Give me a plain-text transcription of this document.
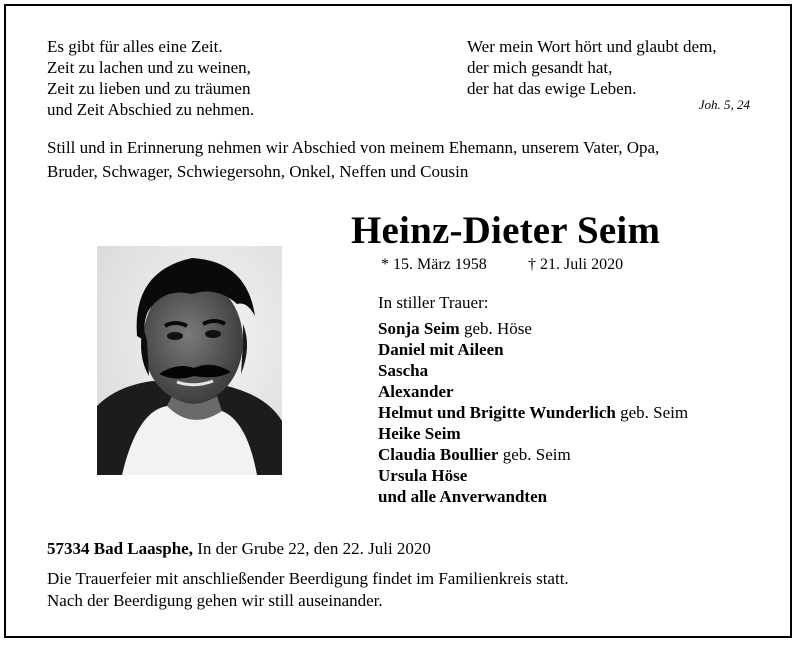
Es gibt für alles eine Zeit.
Zeit zu lachen und zu weinen,
Zeit zu lieben und zu träumen
und Zeit Abschied zu nehmen.
Wer mein Wort hört und glaubt dem,
der mich gesandt hat,
der hat das ewige Leben.
Joh. 5, 24
Still und in Erinnerung nehmen wir Abschied von meinem Ehemann, unserem Vater, Opa,
Bruder, Schwager, Schwiegersohn, Onkel, Neffen und Cousin
Heinz-Dieter Seim
* 15. März 1958	† 21. Juli 2020
In stiller Trauer:
Sonja Seim geb. Höse
Daniel mit Aileen
Sascha
Alexander
Helmut und Brigitte Wunderlich geb. Seim
Heike Seim
Claudia Boullier geb. Seim
Ursula Höse
und alle Anverwandten
57334 Bad Laasphe, In der Grube 22, den 22. Juli 2020
Die Trauerfeier mit anschließender Beerdigung findet im Familienkreis statt.
Nach der Beerdigung gehen wir still auseinander.
